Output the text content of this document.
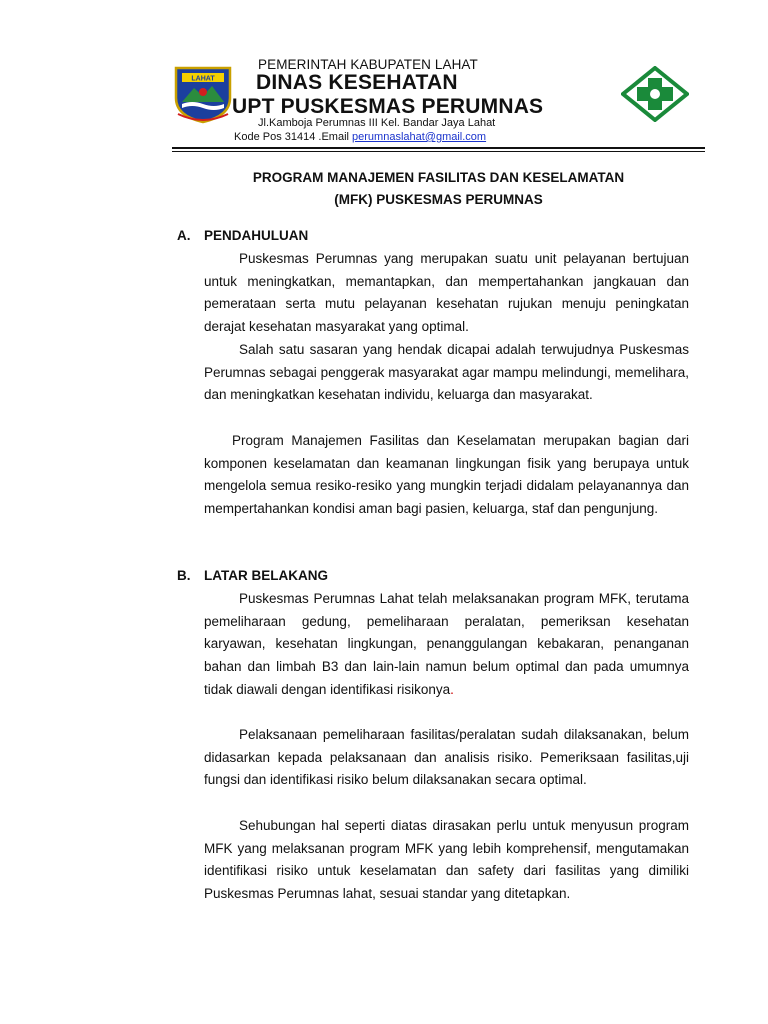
LAHAT
PEMERINTAH KABUPATEN LAHAT
DINAS KESEHATAN
UPT PUSKESMAS PERUMNAS
Jl.Kamboja Perumnas III Kel. Bandar Jaya Lahat
Kode Pos 31414 .Email perumnaslahat@gmail.com
PROGRAM MANAJEMEN FASILITAS DAN KESELAMATAN
(MFK) PUSKESMAS PERUMNAS
A. PENDAHULUAN

Puskesmas Perumnas yang merupakan suatu unit pelayanan bertujuan untuk meningkatkan, memantapkan, dan mempertahankan jangkauan dan pemerataan serta mutu pelayanan kesehatan rujukan menuju peningkatan derajat kesehatan masyarakat yang optimal.

Salah satu sasaran yang hendak dicapai adalah terwujudnya Puskesmas Perumnas sebagai penggerak masyarakat agar mampu melindungi, memelihara, dan meningkatkan kesehatan individu, keluarga dan masyarakat.

Program Manajemen Fasilitas dan Keselamatan merupakan bagian dari komponen keselamatan dan keamanan lingkungan fisik yang berupaya untuk mengelola semua resiko-resiko yang mungkin terjadi didalam pelayanannya dan mempertahankan kondisi aman bagi pasien, keluarga, staf dan pengunjung.

B. LATAR BELAKANG

Puskesmas Perumnas Lahat telah melaksanakan program MFK, terutama pemeliharaan gedung, pemeliharaan peralatan, pemeriksan kesehatan karyawan, kesehatan lingkungan, penanggulangan kebakaran, penanganan bahan dan limbah B3 dan lain-lain namun belum optimal dan pada umumnya tidak diawali dengan identifikasi risikonya.

Pelaksanaan pemeliharaan fasilitas/peralatan sudah dilaksanakan, belum didasarkan kepada pelaksanaan dan analisis risiko. Pemeriksaan fasilitas,uji fungsi dan identifikasi risiko belum dilaksanakan secara optimal.

Sehubungan hal seperti diatas dirasakan perlu untuk menyusun program MFK yang melaksanan program MFK yang lebih komprehensif, mengutamakan identifikasi risiko untuk keselamatan dan safety dari fasilitas yang dimiliki Puskesmas Perumnas lahat, sesuai standar yang ditetapkan.
